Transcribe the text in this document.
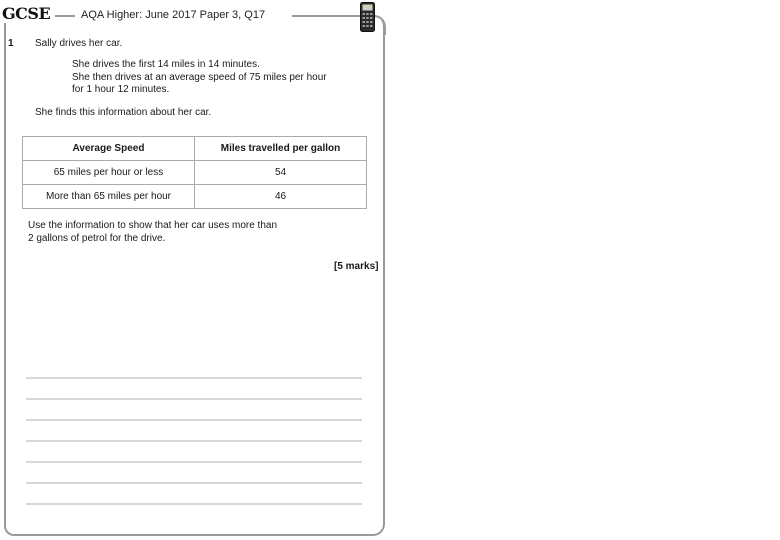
GCSE	AQA Higher: June 2017 Paper 3, Q17
1 Sally drives her car.
She drives the first 14 miles in 14 minutes.
She then drives at an average speed of 75 miles per hour
for 1 hour 12 minutes.
She finds this information about her car.
Average Speed	Miles travelled per gallon
65 miles per hour or less	54
More than 65 miles per hour	46
Use the information to show that her car uses more than
2 gallons of petrol for the drive.
[5 marks]
